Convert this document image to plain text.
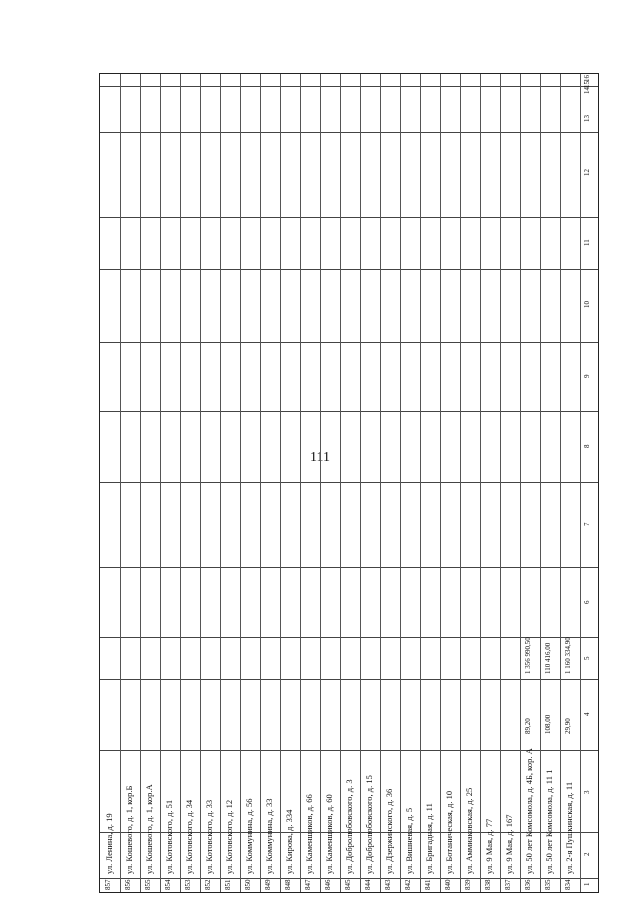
111
1
2
3
4
5
6
7
8
9
10
11
12
13
14
15
16
834
ул. 2-я Пушкинская, д. 11
29,90
1 160 334,90
835
ул. 50 лет Комсомола, д. 11 1
108,00
110 416,00
836
ул. 50 лет Комсомола, д. 4Б, кор. А
89,20
1 356 990,50
837
ул. 9 Мая, д. 167
838
ул. 9 Мая, д. 77
839
ул. Аммиаковская, д. 25
840
ул. Ботаническая, д. 10
841
ул. Бригадная, д. 11
842
ул. Вишневая, д. 5
843
ул. Дзержинского, д. 36
844
ул. Добролюбовского, д. 15
845
ул. Добролюбовского, д. 3
846
ул. Каменщиков, д. 60
847
ул. Каменщиков, д. 66
848
ул. Кирова, д. 334
849
ул. Коммунина, д. 33
850
ул. Коммунина, д. 56
851
ул. Котовского, д. 12
852
ул. Котовского, д. 33
853
ул. Котовского, д. 34
854
ул. Котовского, д. 51
855
ул. Кошевого, д. 1, кор.А
856
ул. Кошевого, д. 1, кор.Б
857
ул. Ленина, д. 19
